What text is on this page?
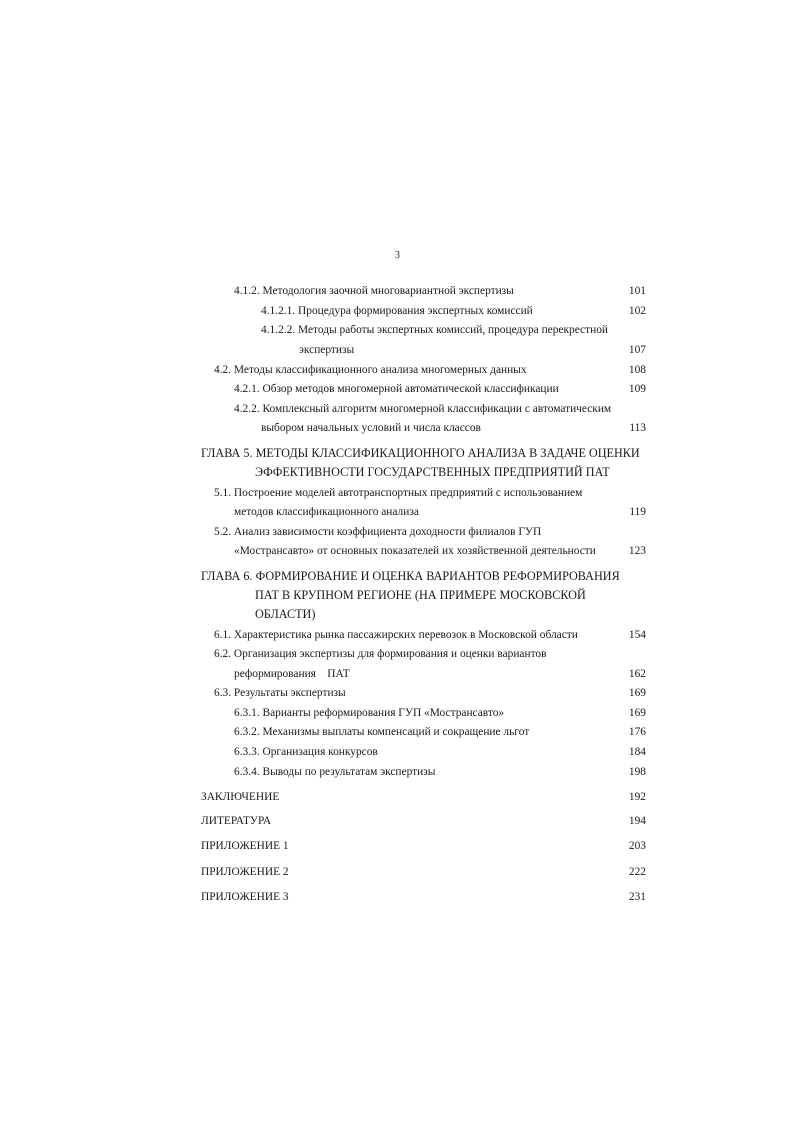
3
4.1.2. Методология заочной многовариантной экспертизы	101
4.1.2.1. Процедура формирования экспертных комиссий	102
4.1.2.2. Методы работы экспертных комиссий, процедура перекрестной
экспертизы	107
4.2. Методы классификационного анализа многомерных данных	108
4.2.1. Обзор методов многомерной автоматической классификации	109
4.2.2. Комплексный алгоритм многомерной классификации с автоматическим
выбором начальных условий и числа классов	113
ГЛАВА 5. МЕТОДЫ КЛАССИФИКАЦИОННОГО АНАЛИЗА В ЗАДАЧЕ ОЦЕНКИ
ЭФФЕКТИВНОСТИ ГОСУДАРСТВЕННЫХ ПРЕДПРИЯТИЙ ПАТ
5.1. Построение моделей автотранспортных предприятий с использованием
методов классификационного анализа	119
5.2. Анализ зависимости коэффициента доходности филиалов ГУП
«Мострансавто» от основных показателей их хозяйственной деятельности	123
ГЛАВА 6. ФОРМИРОВАНИЕ И ОЦЕНКА ВАРИАНТОВ РЕФОРМИРОВАНИЯ
ПАТ В КРУПНОМ РЕГИОНЕ (НА ПРИМЕРЕ МОСКОВСКОЙ
ОБЛАСТИ)
6.1. Характеристика рынка пассажирских перевозок в Московской области	154
6.2. Организация экспертизы для формирования и оценки вариантов
реформирования    ПАТ	162
6.3. Результаты экспертизы	169
6.3.1. Варианты реформирования ГУП «Мострансавто»	169
6.3.2. Механизмы выплаты компенсаций и сокращение льгот	176
6.3.3. Организация конкурсов	184
6.3.4. Выводы по результатам экспертизы	198
ЗАКЛЮЧЕНИЕ	192
ЛИТЕРАТУРА	194
ПРИЛОЖЕНИЕ 1	203
ПРИЛОЖЕНИЕ 2	222
ПРИЛОЖЕНИЕ 3	231
